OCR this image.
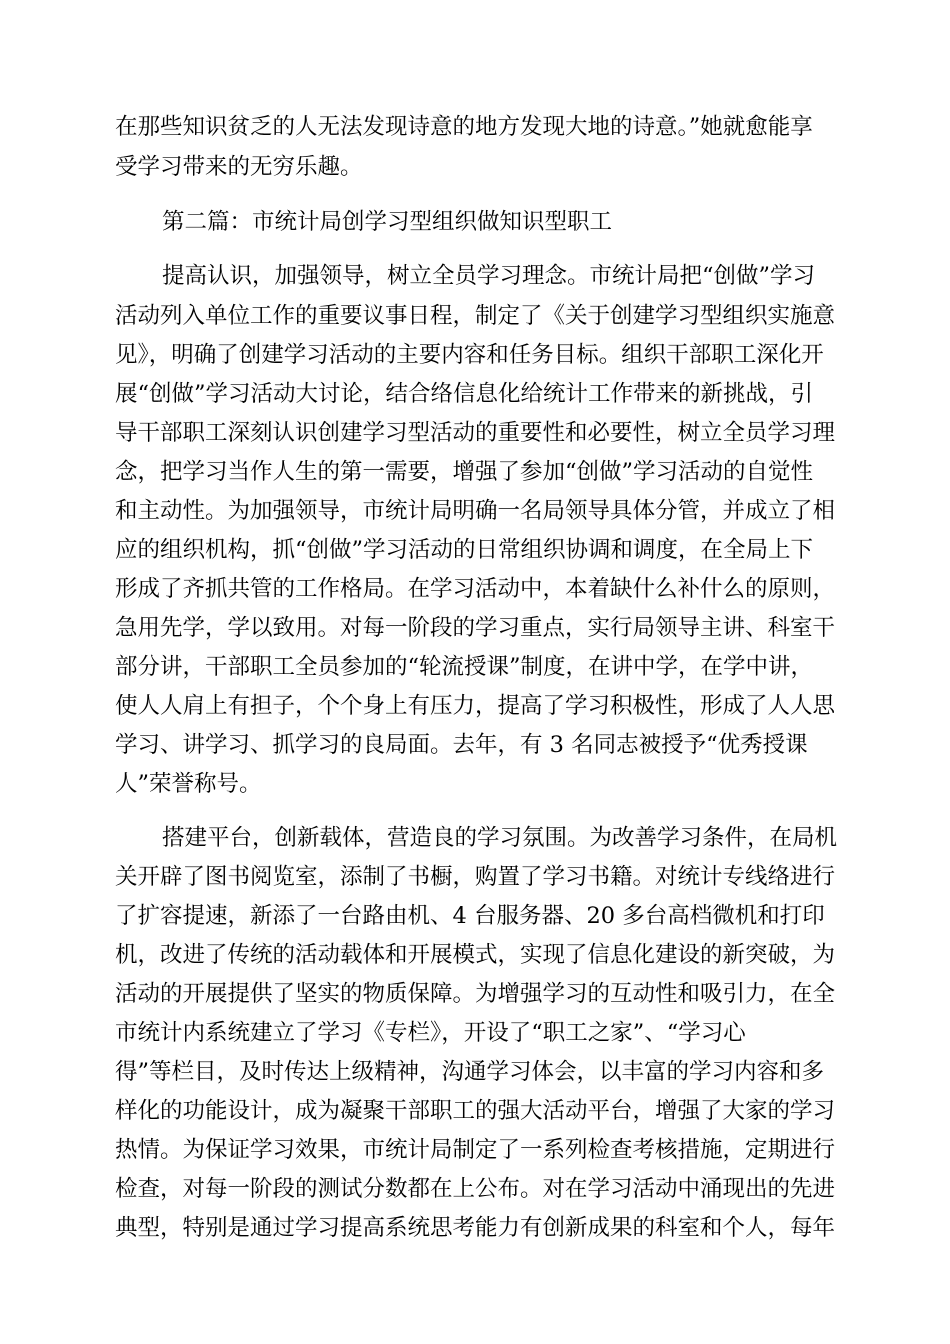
在那些知识贫乏的人无法发现诗意的地方发现大地的诗意。”她就愈能享
受学习带来的无穷乐趣。
第二篇：市统计局创学习型组织做知识型职工
提高认识，加强领导，树立全员学习理念。市统计局把“创做”学习
活动列入单位工作的重要议事日程，制定了《关于创建学习型组织实施意
见》，明确了创建学习活动的主要内容和任务目标。组织干部职工深化开
展“创做”学习活动大讨论，结合络信息化给统计工作带来的新挑战，引
导干部职工深刻认识创建学习型活动的重要性和必要性，树立全员学习理
念，把学习当作人生的第一需要，增强了参加“创做”学习活动的自觉性
和主动性。为加强领导，市统计局明确一名局领导具体分管，并成立了相
应的组织机构，抓“创做”学习活动的日常组织协调和调度，在全局上下
形成了齐抓共管的工作格局。在学习活动中，本着缺什么补什么的原则，
急用先学，学以致用。对每一阶段的学习重点，实行局领导主讲、科室干
部分讲，干部职工全员参加的“轮流授课”制度，在讲中学，在学中讲，
使人人肩上有担子，个个身上有压力，提高了学习积极性，形成了人人思
学习、讲学习、抓学习的良局面。去年，有 3 名同志被授予“优秀授课
人”荣誉称号。
搭建平台，创新载体，营造良的学习氛围。为改善学习条件，在局机
关开辟了图书阅览室，添制了书橱，购置了学习书籍。对统计专线络进行
了扩容提速，新添了一台路由机、4 台服务器、20 多台高档微机和打印
机，改进了传统的活动载体和开展模式，实现了信息化建设的新突破，为
活动的开展提供了坚实的物质保障。为增强学习的互动性和吸引力，在全
市统计内系统建立了学习《专栏》，开设了“职工之家”、“学习心
得”等栏目，及时传达上级精神，沟通学习体会，以丰富的学习内容和多
样化的功能设计，成为凝聚干部职工的强大活动平台，增强了大家的学习
热情。为保证学习效果，市统计局制定了一系列检查考核措施，定期进行
检查，对每一阶段的测试分数都在上公布。对在学习活动中涌现出的先进
典型，特别是通过学习提高系统思考能力有创新成果的科室和个人，每年
